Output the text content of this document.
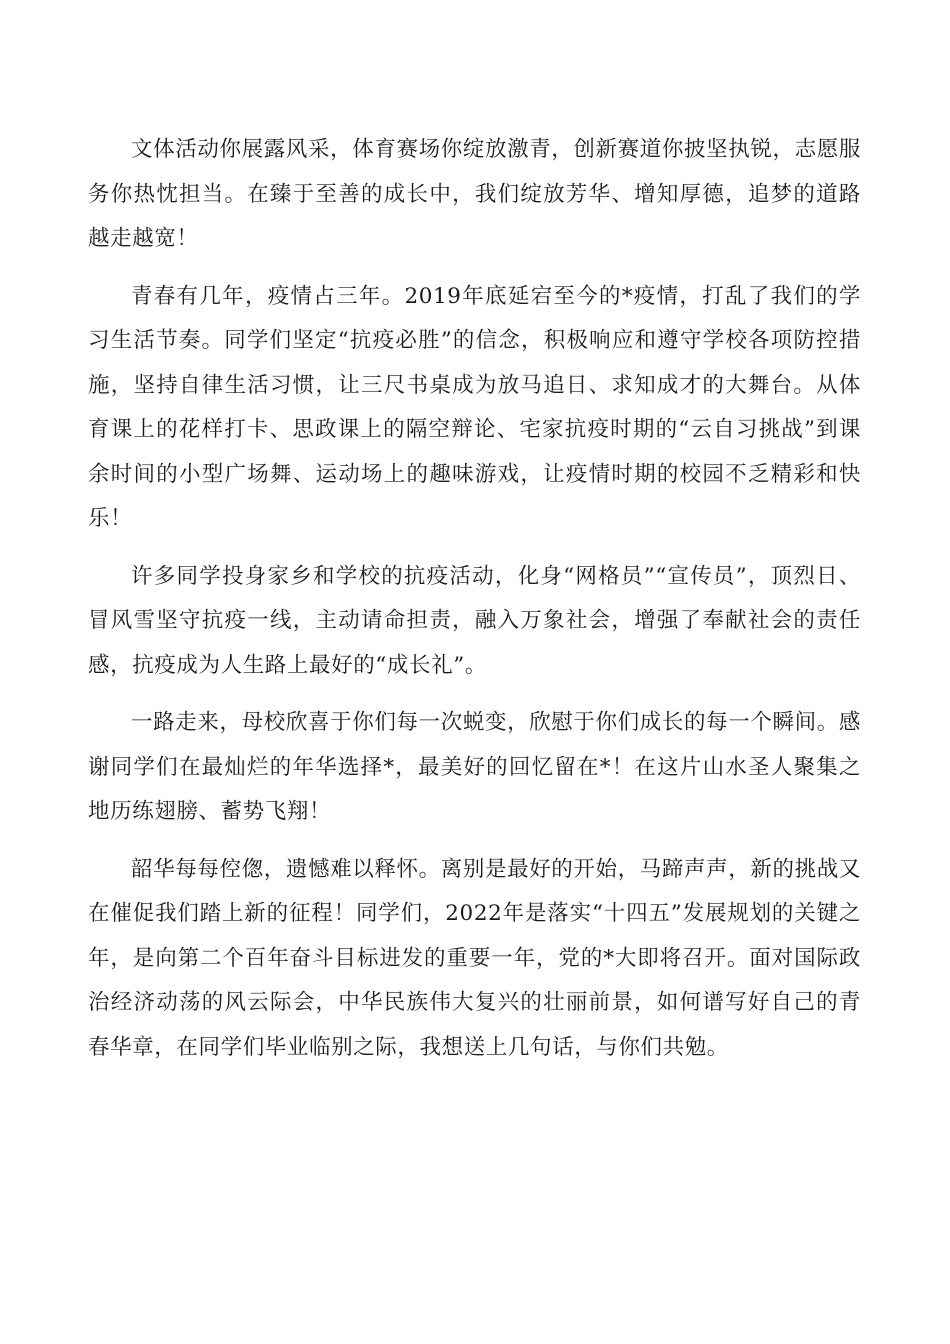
文体活动你展露风采，体育赛场你绽放激青，创新赛道你披坚执锐，志愿服务你热忱担当。在臻于至善的成长中，我们绽放芳华、增知厚德，追梦的道路越走越宽！

青春有几年，疫情占三年。2019年底延宕至今的*疫情，打乱了我们的学习生活节奏。同学们坚定“抗疫必胜”的信念，积极响应和遵守学校各项防控措施，坚持自律生活习惯，让三尺书桌成为放马追日、求知成才的大舞台。从体育课上的花样打卡、思政课上的隔空辩论、宅家抗疫时期的“云自习挑战”到课余时间的小型广场舞、运动场上的趣味游戏，让疫情时期的校园不乏精彩和快乐！

许多同学投身家乡和学校的抗疫活动，化身“网格员”“宣传员”，顶烈日、冒风雪坚守抗疫一线，主动请命担责，融入万象社会，增强了奉献社会的责任感，抗疫成为人生路上最好的“成长礼”。

一路走来，母校欣喜于你们每一次蜕变，欣慰于你们成长的每一个瞬间。感谢同学们在最灿烂的年华选择*，最美好的回忆留在*！在这片山水圣人聚集之地历练翅膀、蓄势飞翔！

韶华每每倥偬，遗憾难以释怀。离别是最好的开始，马蹄声声，新的挑战又在催促我们踏上新的征程！同学们，2022年是落实“十四五”发展规划的关键之年，是向第二个百年奋斗目标进发的重要一年，党的*大即将召开。面对国际政治经济动荡的风云际会，中华民族伟大复兴的壮丽前景，如何谱写好自己的青春华章，在同学们毕业临别之际，我想送上几句话，与你们共勉。
